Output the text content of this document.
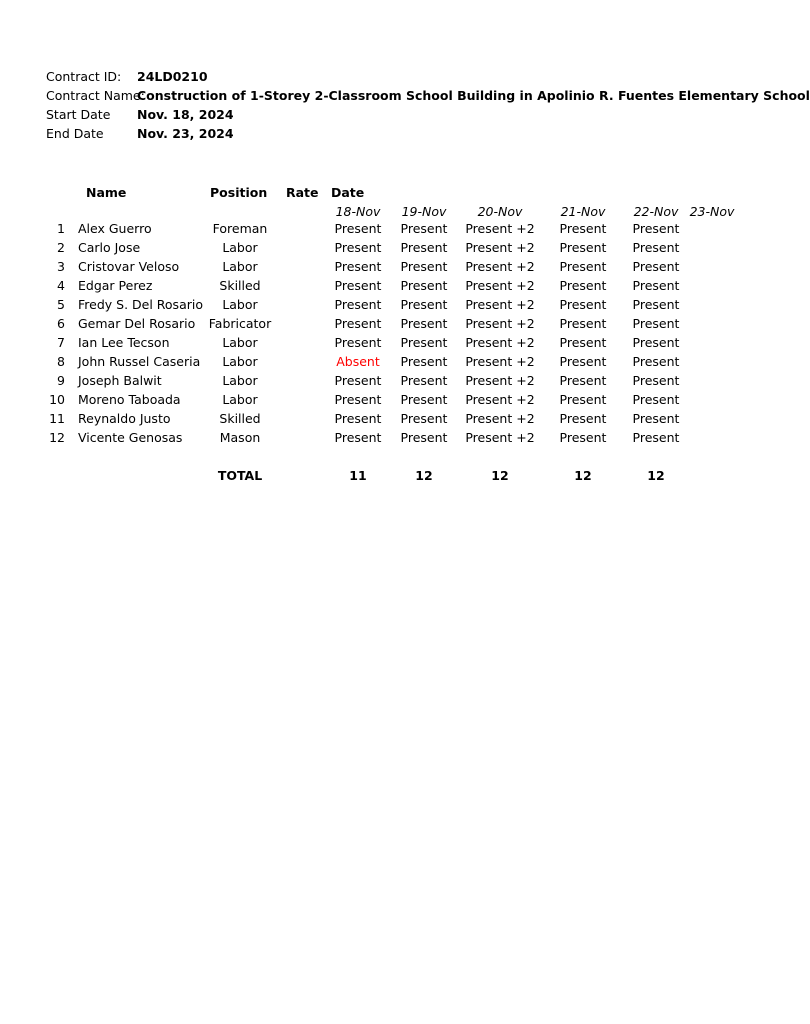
Contract ID: 24LD0210
Contract Name:
Construction of 1-Storey 2-Classroom School Building in Apolinio R. Fuentes Elementary School
Start Date Nov. 18, 2024
End Date	Nov. 23, 2024
Name	Position Rate Date
18-Nov	19-Nov	20-Nov	21-Nov	22-Nov 23-Nov
1 Alex Guerro	Foreman	Present	Present	Present +2	Present	Present
2 Carlo Jose	Labor	Present	Present	Present +2	Present	Present
3 Cristovar Veloso	Labor	Present	Present	Present +2	Present	Present
4 Edgar Perez	Skilled	Present	Present	Present +2	Present	Present
5 Fredy S. Del Rosario	Labor	Present	Present	Present +2	Present	Present
6 Gemar Del Rosario	Fabricator	Present	Present	Present +2	Present	Present
7 Ian Lee Tecson	Labor	Present	Present	Present +2	Present	Present
8 John Russel Caseria	Labor	Absent	Present	Present +2	Present	Present
9 Joseph Balwit	Labor	Present	Present	Present +2	Present	Present
10 Moreno Taboada	Labor	Present	Present	Present +2	Present	Present
11 Reynaldo Justo	Skilled	Present	Present	Present +2	Present	Present
12 Vicente Genosas	Mason	Present	Present	Present +2	Present	Present
TOTAL	11	12	12	12	12
